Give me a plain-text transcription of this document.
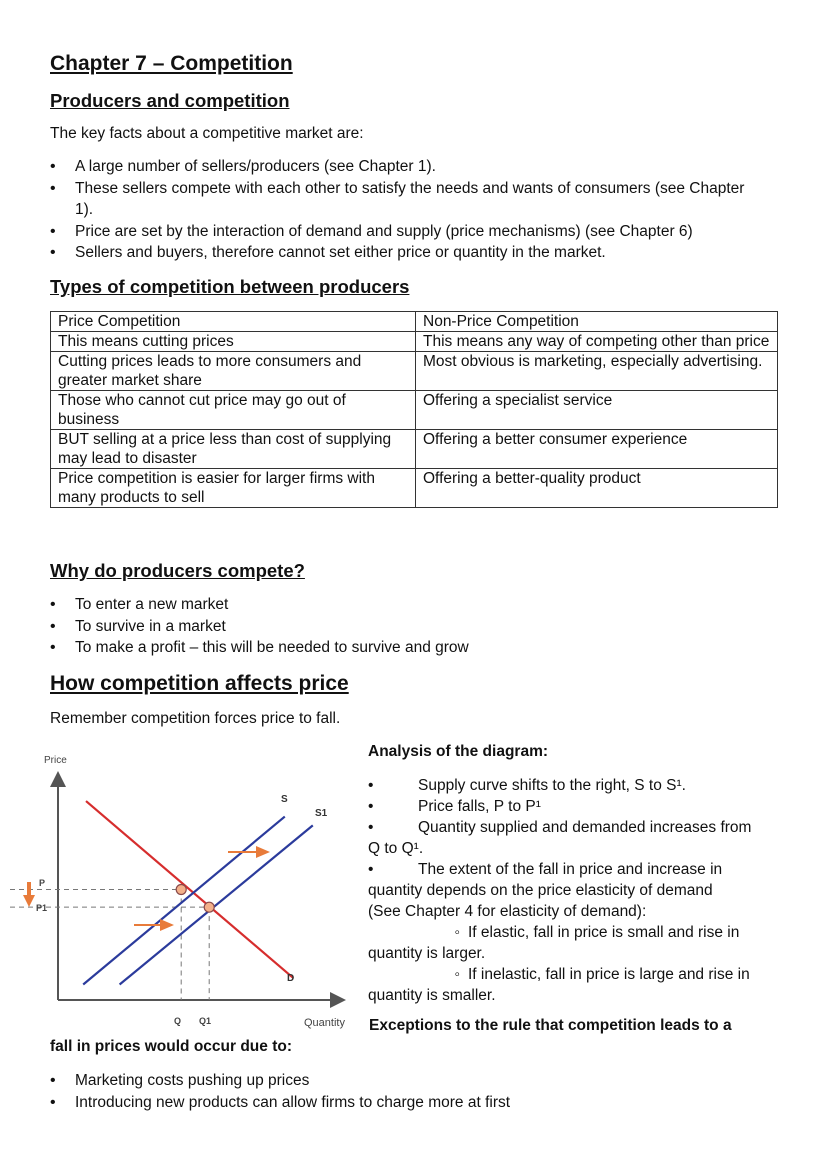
Chapter 7 – Competition
Producers and competition

The key facts about a competitive market are:

• A large number of sellers/producers (see Chapter 1).
• These sellers compete with each other to satisfy the needs and wants of consumers (see Chapter 1).
• Price are set by the interaction of demand and supply (price mechanisms) (see Chapter 6)
• Sellers and buyers, therefore cannot set either price or quantity in the market.
Types of competition between producers
Price Competition	Non-Price Competition
This means cutting prices	This means any way of competing other than price
Cutting prices leads to more consumers and greater market share	Most obvious is marketing, especially advertising.
Those who cannot cut price may go out of business	Offering a specialist service
BUT selling at a price less than cost of supplying may lead to disaster	Offering a better consumer experience
Price competition is easier for larger firms with many products to sell	Offering a better-quality product
Why do producers compete?
• To enter a new market
• To survive in a market
• To make a profit – this will be needed to survive and grow
How competition affects price

Remember competition forces price to fall.

Price
Quantity
P
P1
Q Q1
S
S1
D

Analysis of the diagram:

•	Supply curve shifts to the right, S to S¹.

•	Price falls, P to P¹

•	Quantity supplied and demanded increases from

Q to Q¹.

•	The extent of the fall in price and increase in

quantity depends on the price elasticity of demand

(See Chapter 4 for elasticity of demand):

◦ If elastic, fall in price is small and rise in

quantity is larger.

◦ If inelastic, fall in price is large and rise in

quantity is smaller.

Exceptions to the rule that competition leads to a

fall in prices would occur due to:

• Marketing costs pushing up prices
• Introducing new products can allow firms to charge more at first
